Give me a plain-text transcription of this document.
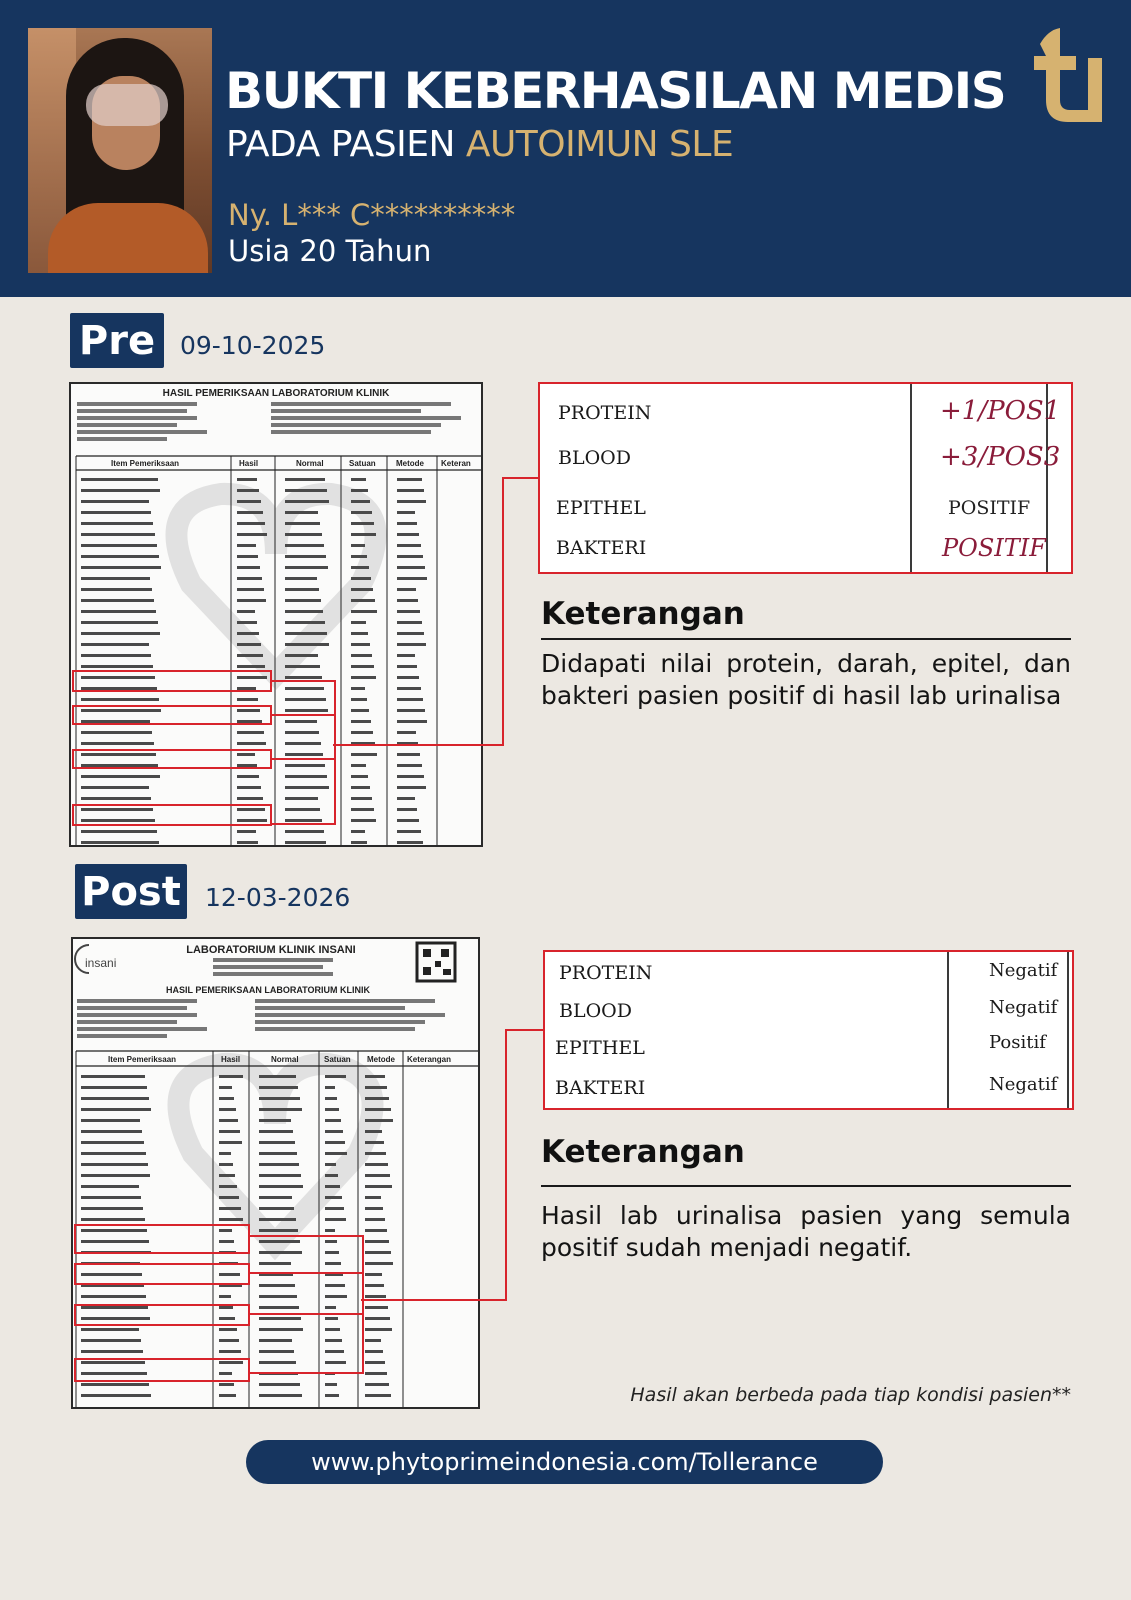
BUKTI KEBERHASILAN MEDIS
PADA PASIEN AUTOIMUN SLE
Ny. L*** C**********
Usia 20 Tahun
Pre 09-10-2025
HASIL PEMERIKSAAN LABORATORIUM KLINIK
Item Pemeriksaan	Hasil	Normal	Satuan	Metode Keteran
PROTEIN	+1/POS1
BLOOD	+3/POS3
EPITHEL	POSITIF
BAKTERI	POSITIF
Keterangan
Didapati nilai protein, darah, epitel, dan bakteri pasien positif di hasil lab urinalisa
Post 12-03-2026
insani
LABORATORIUM KLINIK INSANI
HASIL PEMERIKSAAN LABORATORIUM KLINIK
Item Pemeriksaan	Hasil	Normal	Satuan Metode Keterangan
PROTEIN	Negatif
BLOOD	Negatif
EPITHEL	Positif
BAKTERI	Negatif
Keterangan
Hasil lab urinalisa pasien yang semula positif sudah menjadi negatif.
Hasil akan berbeda pada tiap kondisi pasien**
www.phytoprimeindonesia.com/Tollerance
